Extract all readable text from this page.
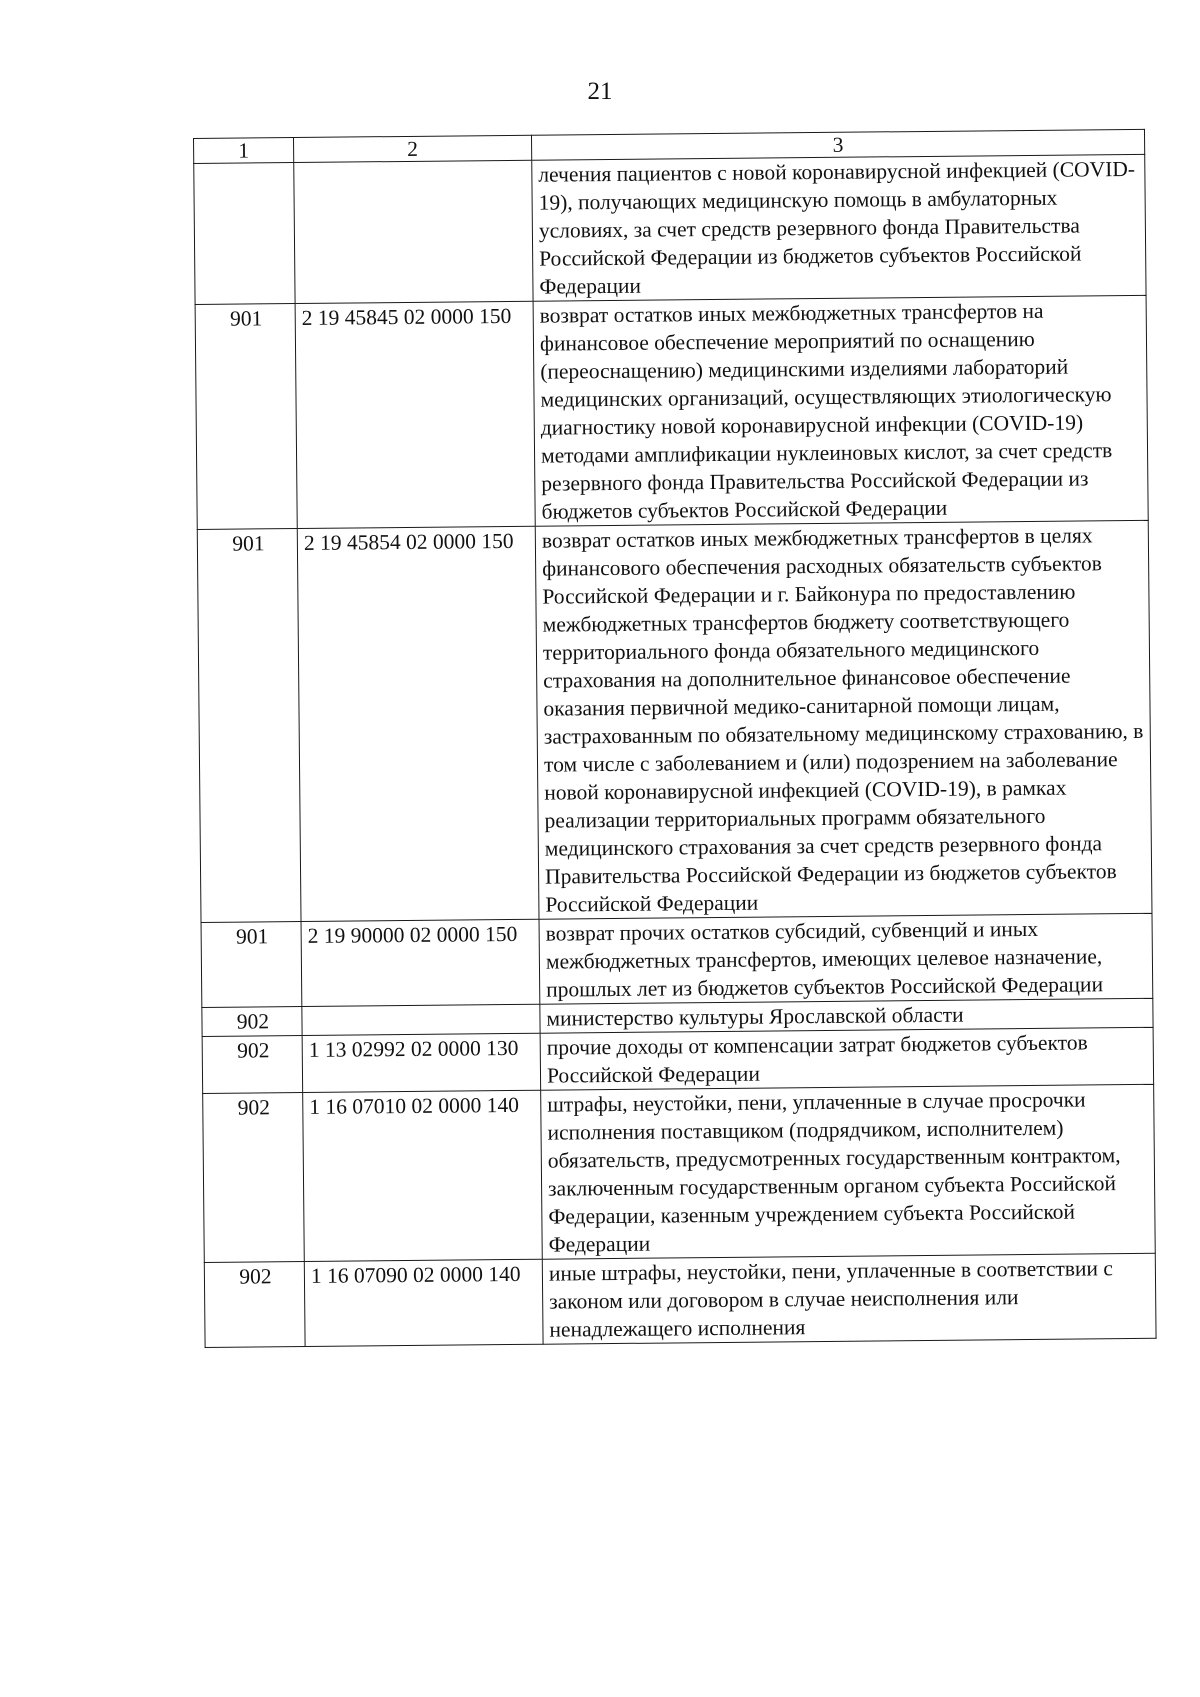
21
1	2	3
		лечения пациентов с новой коронавирусной инфекцией (COVID-19), получающих медицинскую помощь в амбулаторных условиях, за счет средств резервного фонда Правительства Российской Федерации из бюджетов субъектов Российской Федерации
901	2 19 45845 02 0000 150	возврат остатков иных межбюджетных трансфертов на финансовое обеспечение мероприятий по оснащению (переоснащению) медицинскими изделиями лабораторий медицинских организаций, осуществляющих этиологическую диагностику новой коронавирусной инфекции (COVID-19) методами амплификации нуклеиновых кислот, за счет средств резервного фонда Правительства Российской Федерации из бюджетов субъектов Российской Федерации
901	2 19 45854 02 0000 150	возврат остатков иных межбюджетных трансфертов в целях финансового обеспечения расходных обязательств субъектов Российской Федерации и г. Байконура по предоставлению межбюджетных трансфертов бюджету соответствующего территориального фонда обязательного медицинского страхования на дополнительное финансовое обеспечение оказания первичной медико-санитарной помощи лицам, застрахованным по обязательному медицинскому страхованию, в том числе с заболеванием и (или) подозрением на заболевание новой коронавирусной инфекцией (COVID-19), в рамках реализации территориальных программ обязательного медицинского страхования за счет средств резервного фонда Правительства Российской Федерации из бюджетов субъектов Российской Федерации
901	2 19 90000 02 0000 150	возврат прочих остатков субсидий, субвенций и иных межбюджетных трансфертов, имеющих целевое назначение, прошлых лет из бюджетов субъектов Российской Федерации
902		министерство культуры Ярославской области
902	1 13 02992 02 0000 130	прочие доходы от компенсации затрат бюджетов субъектов Российской Федерации
902	1 16 07010 02 0000 140	штрафы, неустойки, пени, уплаченные в случае просрочки исполнения поставщиком (подрядчиком, исполнителем) обязательств, предусмотренных государственным контрактом, заключенным государственным органом субъекта Российской Федерации, казенным учреждением субъекта Российской Федерации
902	1 16 07090 02 0000 140	иные штрафы, неустойки, пени, уплаченные в соответствии с законом или договором в случае неисполнения или ненадлежащего исполнения
